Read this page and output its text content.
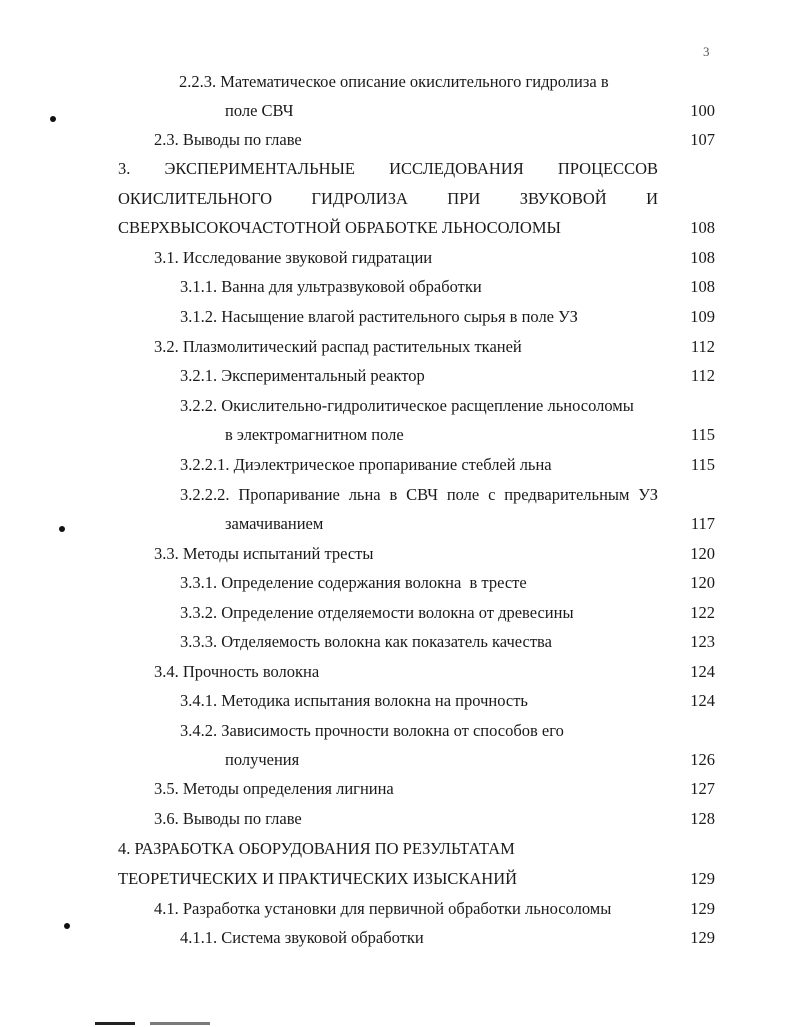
3
2.2.3. Математическое описание окислительного гидролиза в
поле СВЧ	100
2.3. Выводы по главе	107
3. ЭКСПЕРИМЕНТАЛЬНЫЕ ИССЛЕДОВАНИЯ ПРОЦЕССОВ
ОКИСЛИТЕЛЬНОГО ГИДРОЛИЗА ПРИ ЗВУКОВОЙ И
СВЕРХВЫСОКОЧАСТОТНОЙ ОБРАБОТКЕ ЛЬНОСОЛОМЫ	108
3.1. Исследование звуковой гидратации	108
3.1.1. Ванна для ультразвуковой обработки	108
3.1.2. Насыщение влагой растительного сырья в поле УЗ	109
3.2. Плазмолитический распад растительных тканей	112
3.2.1. Экспериментальный реактор	112
3.2.2. Окислительно-гидролитическое расщепление льносоломы
в электромагнитном поле	115
3.2.2.1. Диэлектрическое пропаривание стеблей льна	115
3.2.2.2. Пропаривание льна в СВЧ поле с предварительным УЗ
замачиванием	117
3.3. Методы испытаний тресты	120
3.3.1. Определение содержания волокна  в тресте	120
3.3.2. Определение отделяемости волокна от древесины	122
3.3.3. Отделяемость волокна как показатель качества	123
3.4. Прочность волокна	124
3.4.1. Методика испытания волокна на прочность	124
3.4.2. Зависимость прочности волокна от способов его
получения	126
3.5. Методы определения лигнина	127
3.6. Выводы по главе	128
4. РАЗРАБОТКА ОБОРУДОВАНИЯ ПО РЕЗУЛЬТАТАМ
ТЕОРЕТИЧЕСКИХ И ПРАКТИЧЕСКИХ ИЗЫСКАНИЙ	129
4.1. Разработка установки для первичной обработки льносоломы	129
4.1.1. Система звуковой обработки	129
